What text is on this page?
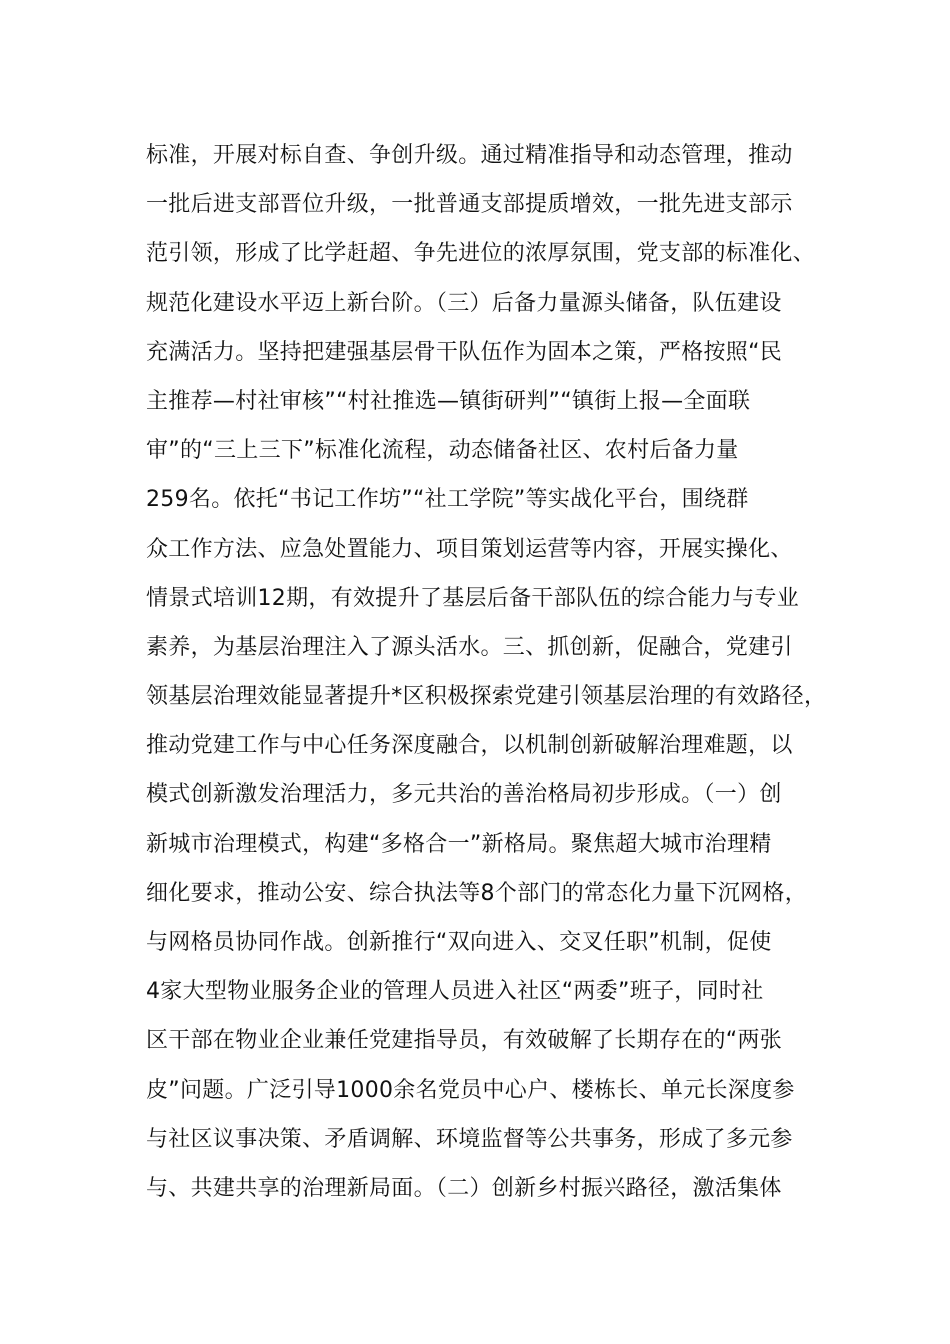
标准，开展对标自查、争创升级。通过精准指导和动态管理，推动
一批后进支部晋位升级，一批普通支部提质增效，一批先进支部示
范引领，形成了比学赶超、争先进位的浓厚氛围，党支部的标准化、
规范化建设水平迈上新台阶。（三）后备力量源头储备，队伍建设
充满活力。坚持把建强基层骨干队伍作为固本之策，严格按照“民
主推荐—村社审核”“村社推选—镇街研判”“镇街上报—全面联
审”的“三上三下”标准化流程，动态储备社区、农村后备力量
259名。依托“书记工作坊”“社工学院”等实战化平台，围绕群
众工作方法、应急处置能力、项目策划运营等内容，开展实操化、
情景式培训12期，有效提升了基层后备干部队伍的综合能力与专业
素养，为基层治理注入了源头活水。三、抓创新，促融合，党建引
领基层治理效能显著提升*区积极探索党建引领基层治理的有效路径，
推动党建工作与中心任务深度融合，以机制创新破解治理难题，以
模式创新激发治理活力，多元共治的善治格局初步形成。（一）创
新城市治理模式，构建“多格合一”新格局。聚焦超大城市治理精
细化要求，推动公安、综合执法等8个部门的常态化力量下沉网格，
与网格员协同作战。创新推行“双向进入、交叉任职”机制，促使
4家大型物业服务企业的管理人员进入社区“两委”班子，同时社
区干部在物业企业兼任党建指导员，有效破解了长期存在的“两张
皮”问题。广泛引导1000余名党员中心户、楼栋长、单元长深度参
与社区议事决策、矛盾调解、环境监督等公共事务，形成了多元参
与、共建共享的治理新局面。（二）创新乡村振兴路径，激活集体
